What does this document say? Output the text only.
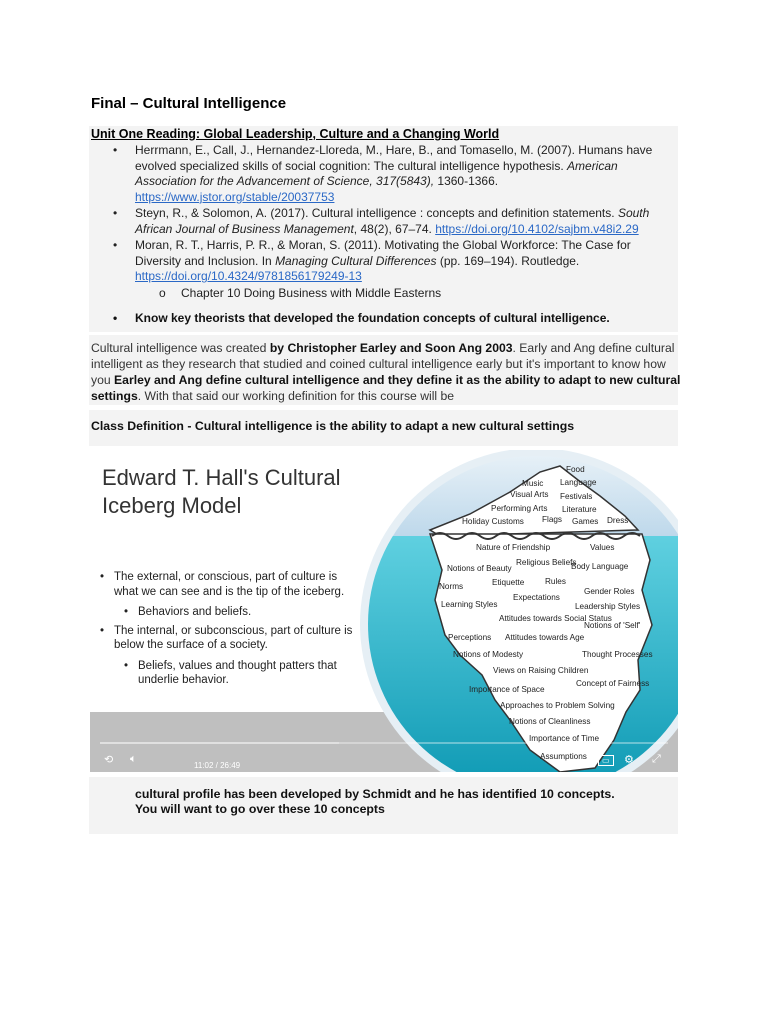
Final – Cultural Intelligence
Unit One Reading: Global Leadership, Culture and a Changing World
• Herrmann, E., Call, J., Hernandez-Lloreda, M., Hare, B., and Tomasello, M. (2007). Humans have evolved specialized skills of social cognition: The cultural intelligence hypothesis. American Association for the Advancement of Science, 317(5843), 1360-1366. https://www.jstor.org/stable/20037753
• Steyn, R., & Solomon, A. (2017). Cultural intelligence : concepts and definition statements. South African Journal of Business Management, 48(2), 67–74. https://doi.org/10.4102/sajbm.v48i2.29
• Moran, R. T., Harris, P. R., & Moran, S. (2011). Motivating the Global Workforce: The Case for Diversity and Inclusion. In Managing Cultural Differences (pp. 169–194). Routledge. https://doi.org/10.4324/9781856179249-13
o Chapter 10 Doing Business with Middle Easterns
• Know key theorists that developed the foundation concepts of cultural intelligence.
Cultural intelligence was created by Christopher Earley and Soon Ang 2003. Early and Ang define cultural intelligent as they research that studied and coined cultural intelligence early but it's important to know how you Earley and Ang define cultural intelligence and they define it as the ability to adapt to new cultural settings. With that said our working definition for this course will be
Class Definition - Cultural intelligence is the ability to adapt a new cultural settings
Edward T. Hall's Cultural
Iceberg Model
• The external, or conscious, part of culture is what we can see and is the tip of the iceberg.
• Behaviors and beliefs.
• The internal, or subconscious, part of culture is below the surface of a society.
• Beliefs, values and thought patters that underlie behavior.
Food
Music Language
Visual Arts Festivals
Performing Arts Literature
Holiday Customs Flags Games Dress
Nature of Friendship	Values
Notions of Beauty
Religious Beliefs
Body Language
Norms	Etiquette	Rules
Expectations
Gender Roles
Learning Styles	Leadership Styles
Attitudes towards Social Status
Notions of 'Self'
Perceptions Attitudes towards Age
Notions of Modesty	Thought Processes
Views on Raising Children
Concept of Fairness
Importance of Space
Approaches to Problem Solving
Notions of Cleanliness
Importance of Time
Assumptions
11:02 / 26:49
⟲ 🔈︎	▭	⚙ ⤢
cultural profile has been developed by Schmidt and he has identified 10 concepts.
You will want to go over these 10 concepts
